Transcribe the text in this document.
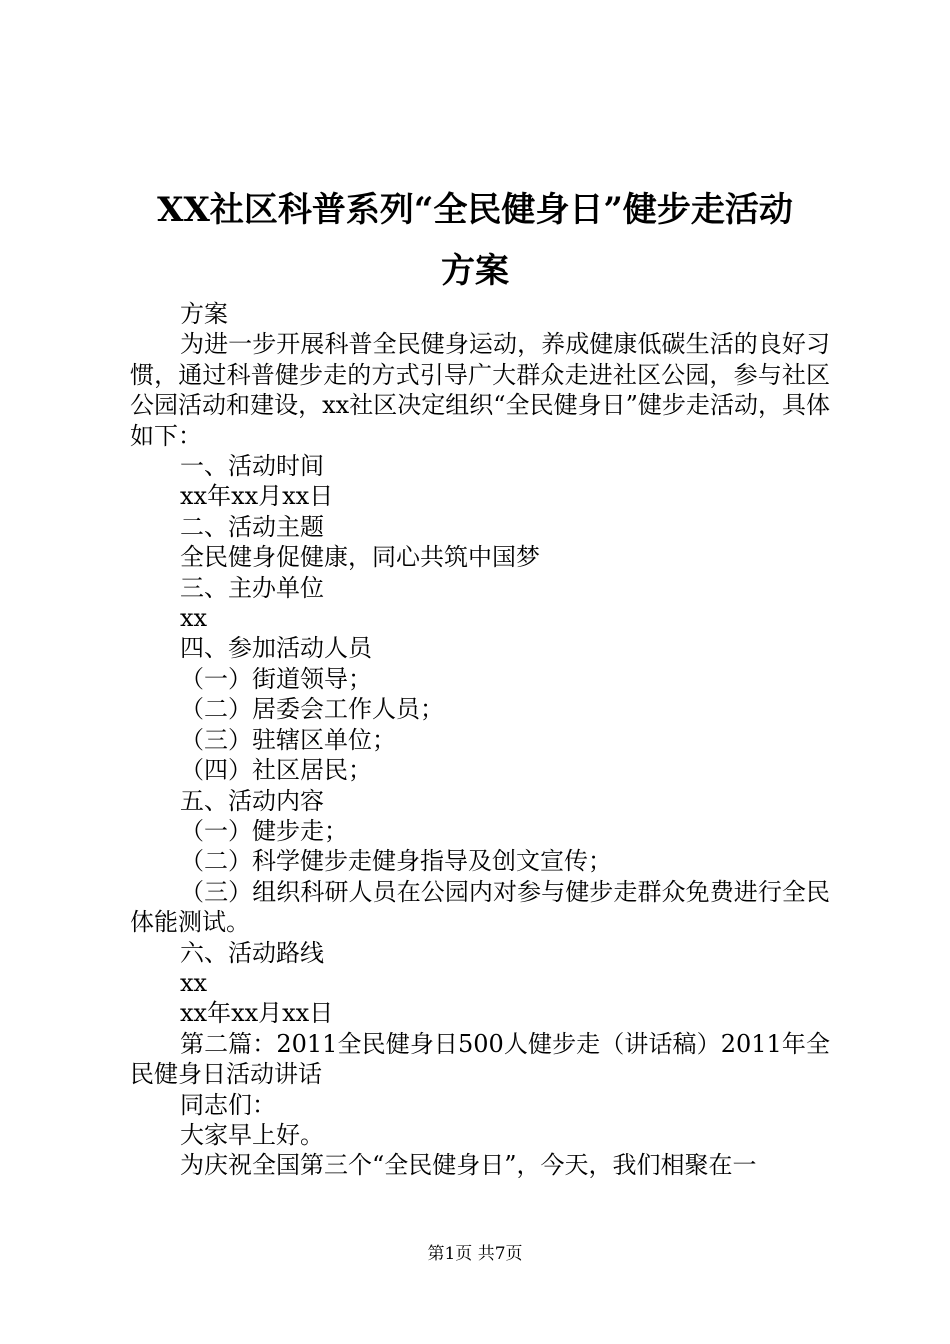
XX社区科普系列“全民健身日”健步走活动
方案

方案

为进一步开展科普全民健身运动，养成健康低碳生活的良好习惯，通过科普健步走的方式引导广大群众走进社区公园，参与社区公园活动和建设，xx社区决定组织“全民健身日”健步走活动，具体如下：

一、活动时间

xx年xx月xx日

二、活动主题

全民健身促健康，同心共筑中国梦

三、主办单位

xx

四、参加活动人员

（一）街道领导；

（二）居委会工作人员；

（三）驻辖区单位；

（四）社区居民；

五、活动内容

（一）健步走；

（二）科学健步走健身指导及创文宣传；

（三）组织科研人员在公园内对参与健步走群众免费进行全民体能测试。

六、活动路线

xx

xx年xx月xx日

第二篇：2011全民健身日500人健步走（讲话稿）2011年全民健身日活动讲话

同志们：

大家早上好。

为庆祝全国第三个“全民健身日”，今天，我们相聚在一

第1页 共7页
